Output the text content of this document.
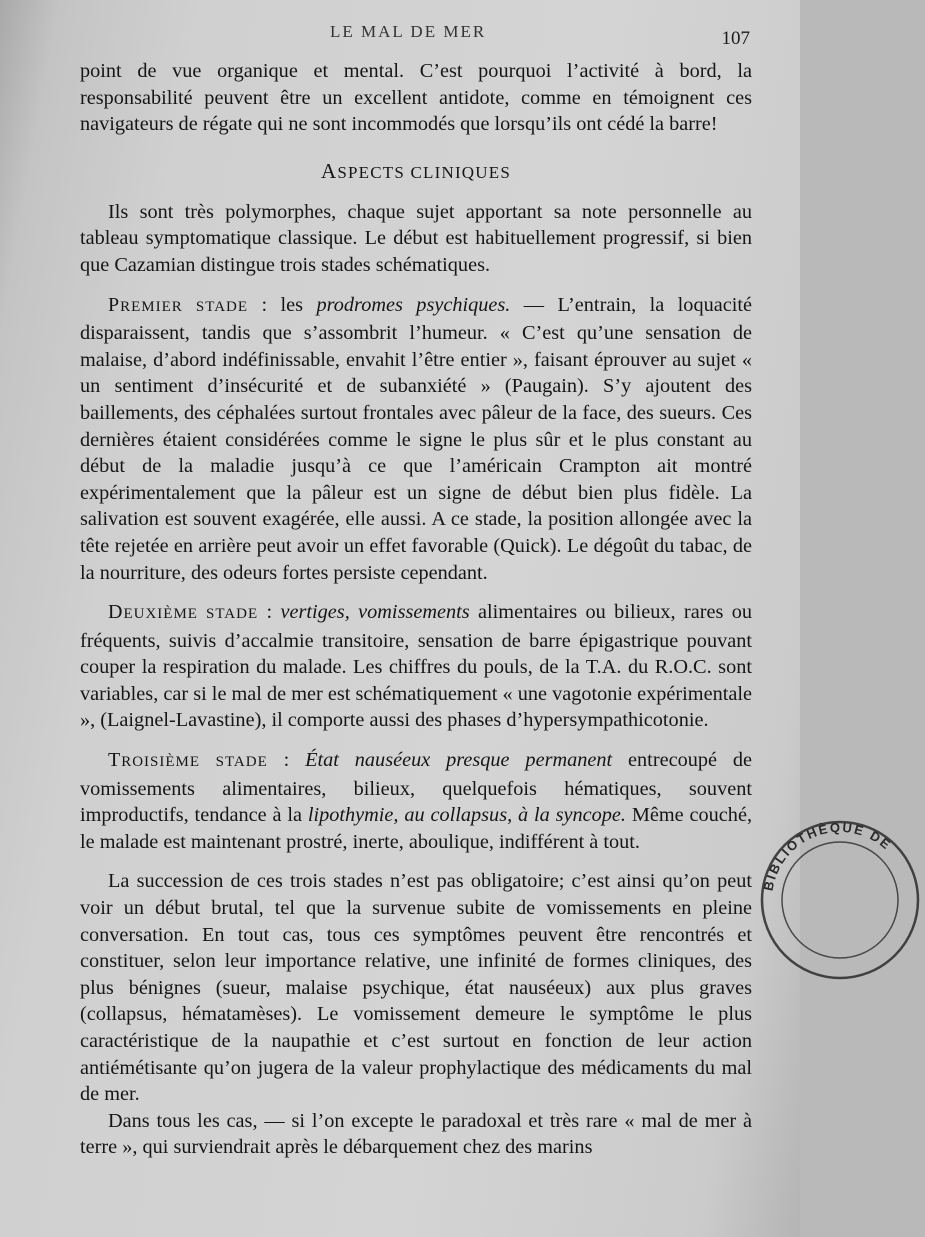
LE MAL DE MER	107

point de vue organique et mental. C’est pourquoi l’activité à bord, la responsabilité peuvent être un excellent antidote, comme en témoignent ces navigateurs de régate qui ne sont incommodés que lorsqu’ils ont cédé la barre!

ASPECTS CLINIQUES

Ils sont très polymorphes, chaque sujet apportant sa note personnelle au tableau symptomatique classique. Le début est habituellement progressif, si bien que Cazamian distingue trois stades schématiques.

PREMIER STADE : les prodromes psychiques. — L’entrain, la loquacité disparaissent, tandis que s’assombrit l’humeur. « C’est qu’une sensation de malaise, d’abord indéfinissable, envahit l’être entier », faisant éprouver au sujet « un sentiment d’insécurité et de subanxiété » (Paugain). S’y ajoutent des baillements, des céphalées surtout frontales avec pâleur de la face, des sueurs. Ces dernières étaient considérées comme le signe le plus sûr et le plus constant au début de la maladie jusqu’à ce que l’américain Crampton ait montré expérimentalement que la pâleur est un signe de début bien plus fidèle. La salivation est souvent exagérée, elle aussi. A ce stade, la position allongée avec la tête rejetée en arrière peut avoir un effet favorable (Quick). Le dégoût du tabac, de la nourriture, des odeurs fortes persiste cependant.

DEUXIÈME STADE : vertiges, vomissements alimentaires ou bilieux, rares ou fréquents, suivis d’accalmie transitoire, sensation de barre épigastrique pouvant couper la respiration du malade. Les chiffres du pouls, de la T.A. du R.O.C. sont variables, car si le mal de mer est schématiquement « une vagotonie expérimentale », (Laignel-Lavastine), il comporte aussi des phases d’hypersympathicotonie.

TROISIÈME STADE : État nauséeux presque permanent entrecoupé de vomissements alimentaires, bilieux, quelquefois hématiques, souvent improductifs, tendance à la lipothymie, au collapsus, à la syncope. Même couché, le malade est maintenant prostré, inerte, aboulique, indifférent à tout.

La succession de ces trois stades n’est pas obligatoire; c’est ainsi qu’on peut voir un début brutal, tel que la survenue subite de vomissements en pleine conversation. En tout cas, tous ces symptômes peuvent être rencontrés et constituer, selon leur importance relative, une infinité de formes cliniques, des plus bénignes (sueur, malaise psychique, état nauséeux) aux plus graves (collapsus, hématamèses). Le vomissement demeure le symptôme le plus caractéristique de la naupathie et c’est surtout en fonction de leur action antiémétisante qu’on jugera de la valeur prophylactique des médicaments du mal de mer.

Dans tous les cas, — si l’on excepte le paradoxal et très rare « mal de mer à terre », qui surviendrait après le débarquement chez des marins

BIBLIOTHÈQUE DE
